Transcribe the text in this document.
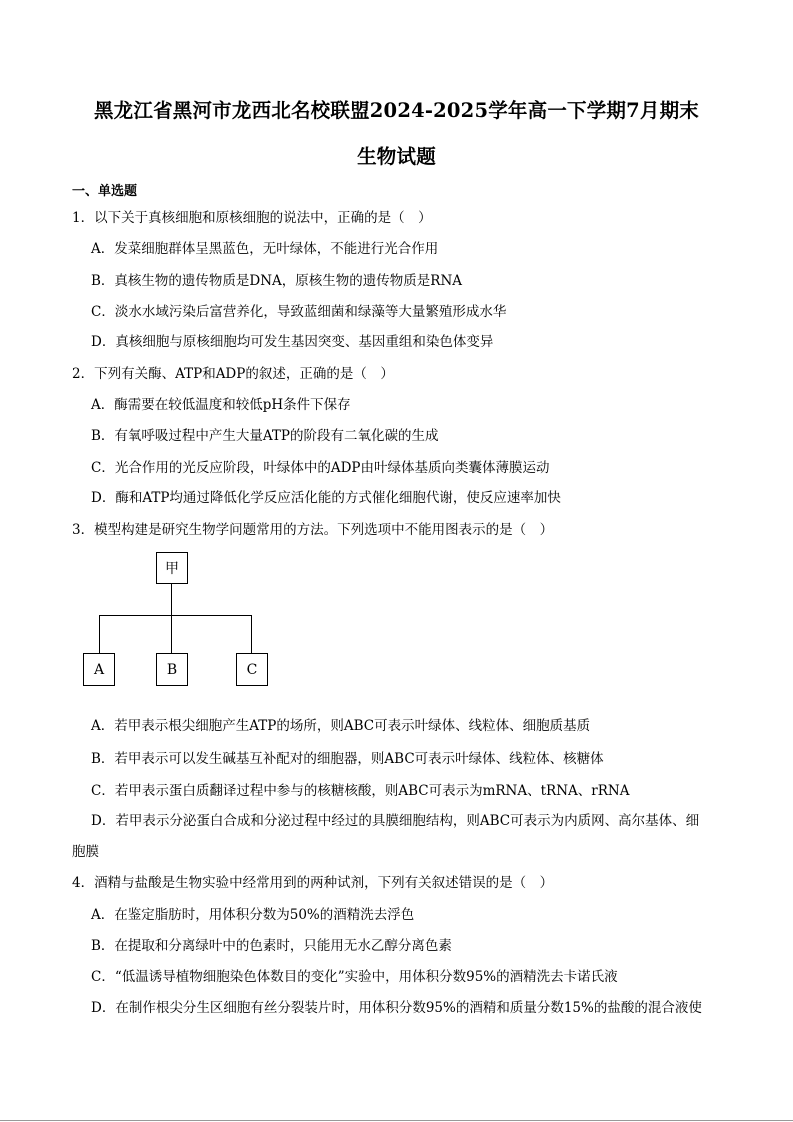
黑龙江省黑河市龙西北名校联盟2024-2025学年高一下学期7月期末
生物试题
一、单选题
1．以下关于真核细胞和原核细胞的说法中，正确的是（　）
A．发菜细胞群体呈黑蓝色，无叶绿体，不能进行光合作用
B．真核生物的遗传物质是DNA，原核生物的遗传物质是RNA
C．淡水水域污染后富营养化，导致蓝细菌和绿藻等大量繁殖形成水华
D．真核细胞与原核细胞均可发生基因突变、基因重组和染色体变异
2．下列有关酶、ATP和ADP的叙述，正确的是（　）
A．酶需要在较低温度和较低pH条件下保存
B．有氧呼吸过程中产生大量ATP的阶段有二氧化碳的生成
C．光合作用的光反应阶段，叶绿体中的ADP由叶绿体基质向类囊体薄膜运动
D．酶和ATP均通过降低化学反应活化能的方式催化细胞代谢，使反应速率加快
3．模型构建是研究生物学问题常用的方法。下列选项中不能用图表示的是（　）
甲
A	B	C
A．若甲表示根尖细胞产生ATP的场所，则ABC可表示叶绿体、线粒体、细胞质基质
B．若甲表示可以发生碱基互补配对的细胞器，则ABC可表示叶绿体、线粒体、核糖体
C．若甲表示蛋白质翻译过程中参与的核糖核酸，则ABC可表示为mRNA、tRNA、rRNA
D．若甲表示分泌蛋白合成和分泌过程中经过的具膜细胞结构，则ABC可表示为内质网、高尔基体、细
胞膜
4．酒精与盐酸是生物实验中经常用到的两种试剂，下列有关叙述错误的是（　）
A．在鉴定脂肪时，用体积分数为50%的酒精洗去浮色
B．在提取和分离绿叶中的色素时，只能用无水乙醇分离色素
C．“低温诱导植物细胞染色体数目的变化”实验中，用体积分数95%的酒精洗去卡诺氏液
D．在制作根尖分生区细胞有丝分裂装片时，用体积分数95%的酒精和质量分数15%的盐酸的混合液使
